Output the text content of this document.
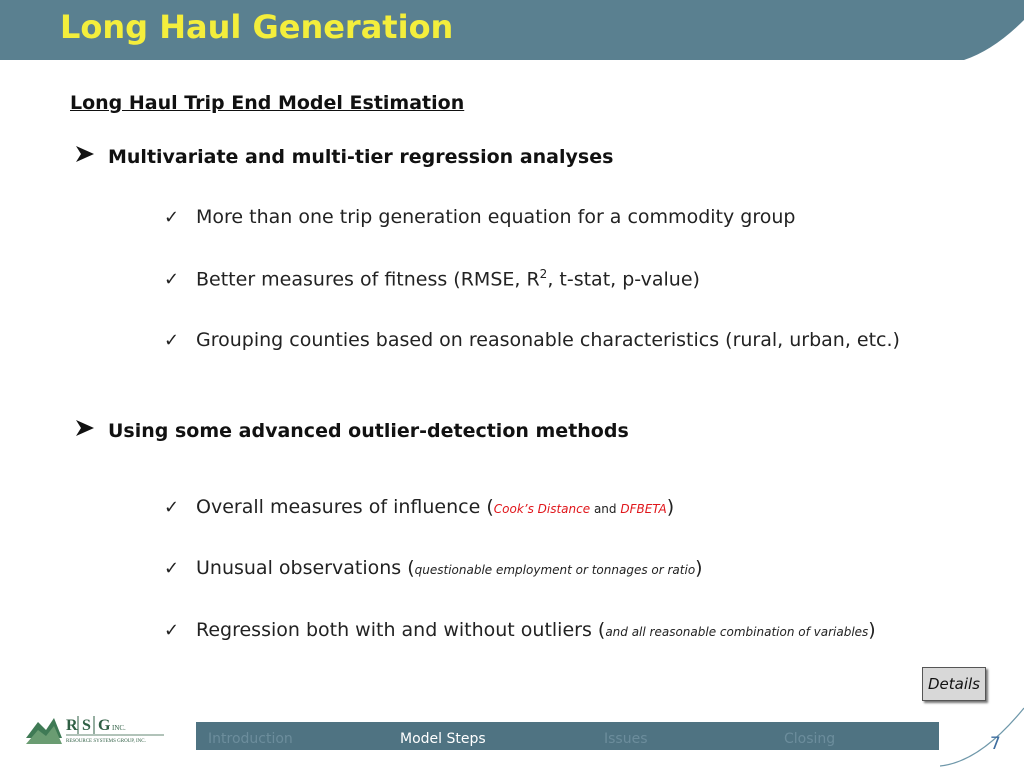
Long Haul Generation
Long Haul Trip End Model Estimation
Multivariate and multi-tier regression analyses
✓ More than one trip generation equation for a commodity group
✓ Better measures of fitness (RMSE, $R^2$, t-stat, p-value)
✓ Grouping counties based on reasonable characteristics (rural, urban, etc.)
Using some advanced outlier-detection methods
✓ Overall measures of influence (Cook’s Distance and DFBETA)
✓ Unusual observations (questionable employment or tonnages or ratio)
✓ Regression both with and without outliers (and all reasonable combination of variables)
Details
R S G INC.
RESOURCE SYSTEMS GROUP, INC.	Introduction	Model Steps	Issues	Closing	7
